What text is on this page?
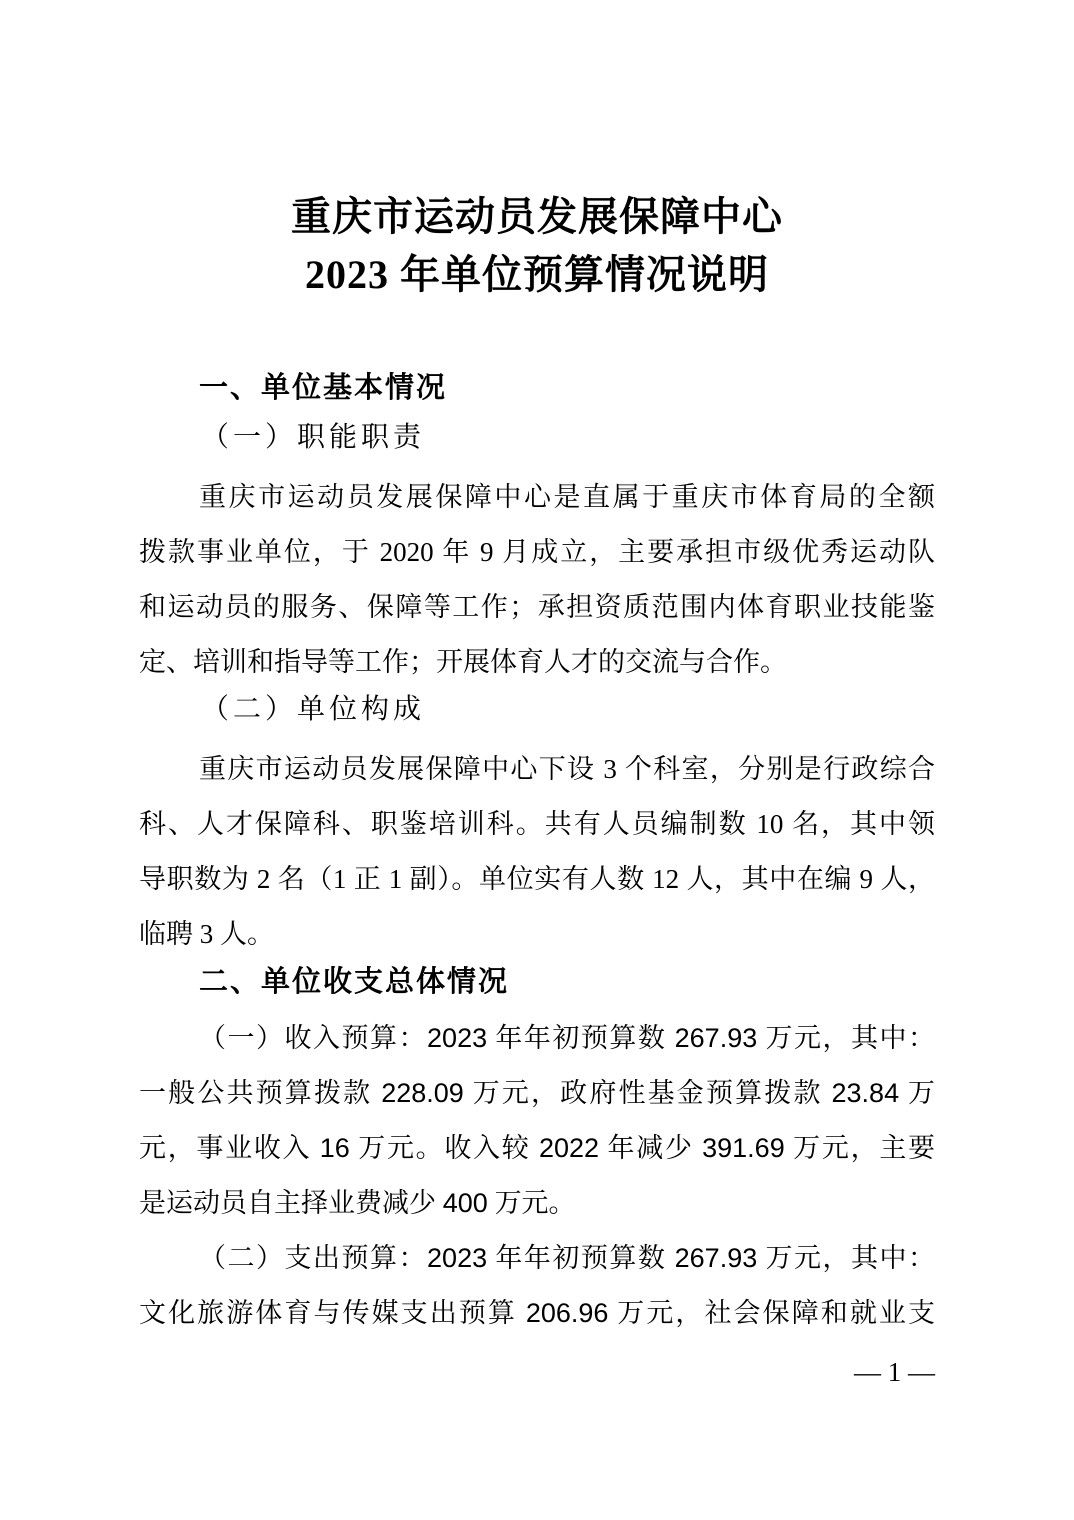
重庆市运动员发展保障中心
2023 年单位预算情况说明
一、单位基本情况
（一）职能职责
重庆市运动员发展保障中心是直属于重庆市体育局的全额
拨款事业单位，于 2020 年 9 月成立，主要承担市级优秀运动队
和运动员的服务、保障等工作；承担资质范围内体育职业技能鉴
定、培训和指导等工作；开展体育人才的交流与合作。
（二）单位构成
重庆市运动员发展保障中心下设 3 个科室，分别是行政综合
科、人才保障科、职鉴培训科。共有人员编制数 10 名，其中领
导职数为 2 名（1 正 1 副）。单位实有人数 12 人，其中在编 9 人，
临聘 3 人。
二、单位收支总体情况
（一）收入预算：2023 年年初预算数 267.93 万元，其中：
一般公共预算拨款 228.09 万元，政府性基金预算拨款 23.84 万
元，事业收入 16 万元。收入较 2022 年减少 391.69 万元，主要
是运动员自主择业费减少 400 万元。
（二）支出预算：2023 年年初预算数 267.93 万元，其中：
文化旅游体育与传媒支出预算 206.96 万元，社会保障和就业支
— 1 —
